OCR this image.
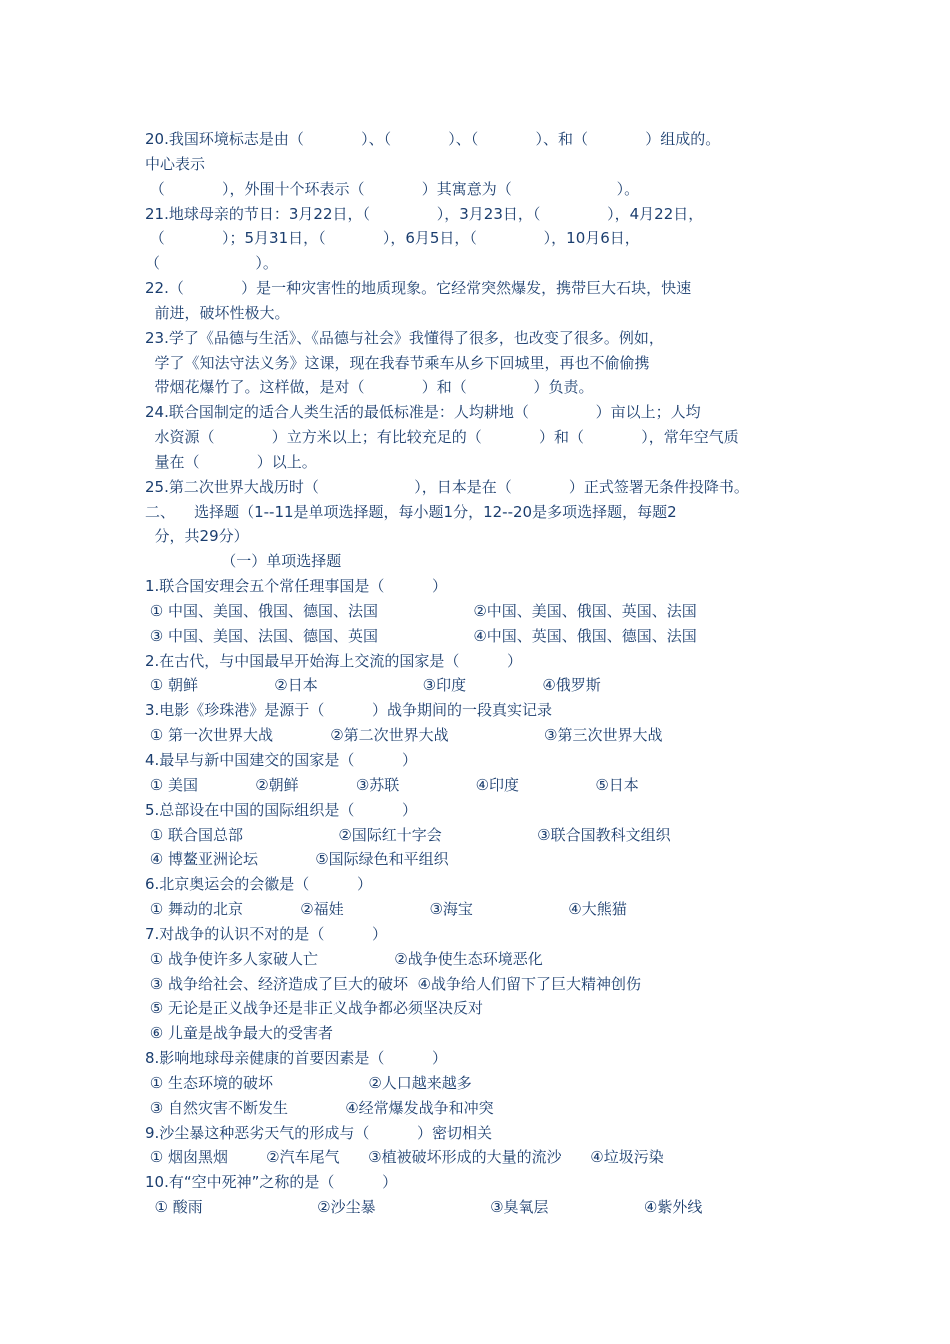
20.我国环境标志是由（            ）、（            ）、（            ）、和（            ）组成的。
中心表示
（            ），外围十个环表示（            ）其寓意为（                      ）。
21.地球母亲的节日：3月22日，（              ），3月23日，（              ），4月22日，
（            ）；5月31日，（            ），6月5日，（              ），10月6日，
（                    ）。
22.（            ）是一种灾害性的地质现象。它经常突然爆发，携带巨大石块，快速
前进，破坏性极大。
23.学了《品德与生活》、《品德与社会》我懂得了很多，也改变了很多。例如，
学了《知法守法义务》这课，现在我春节乘车从乡下回城里，再也不偷偷携
带烟花爆竹了。这样做，是对（            ）和（              ）负责。
24.联合国制定的适合人类生活的最低标准是：人均耕地（              ）亩以上；人均
水资源（            ）立方米以上；有比较充足的（            ）和（            ），常年空气质
量在（            ）以上。
25.第二次世界大战历时（                    ），日本是在（            ）正式签署无条件投降书。
二、    选择题（1--11是单项选择题，每小题1分，12--20是多项选择题，每题2
分，共29分）
（一）单项选择题
1.联合国安理会五个常任理事国是（          ）
① 中国、美国、俄国、德国、法国                    ②中国、美国、俄国、英国、法国
③ 中国、美国、法国、德国、英国                    ④中国、英国、俄国、德国、法国
2.在古代，与中国最早开始海上交流的国家是（          ）
① 朝鲜                ②日本                      ③印度                ④俄罗斯
3.电影《珍珠港》是源于（          ）战争期间的一段真实记录
① 第一次世界大战            ②第二次世界大战                    ③第三次世界大战
4.最早与新中国建交的国家是（          ）
① 美国            ②朝鲜            ③苏联                ④印度                ⑤日本
5.总部设在中国的国际组织是（          ）
① 联合国总部                    ②国际红十字会                    ③联合国教科文组织
④ 博鳌亚洲论坛            ⑤国际绿色和平组织
6.北京奥运会的会徽是（          ）
① 舞动的北京            ②福娃                  ③海宝                    ④大熊猫
7.对战争的认识不对的是（          ）
① 战争使许多人家破人亡                ②战争使生态环境恶化
③ 战争给社会、经济造成了巨大的破坏  ④战争给人们留下了巨大精神创伤
⑤ 无论是正义战争还是非正义战争都必须坚决反对
⑥ 儿童是战争最大的受害者
8.影响地球母亲健康的首要因素是（          ）
① 生态环境的破坏                    ②人口越来越多
③ 自然灾害不断发生            ④经常爆发战争和冲突
9.沙尘暴这种恶劣天气的形成与（          ）密切相关
① 烟囱黑烟        ②汽车尾气      ③植被破坏形成的大量的流沙      ④垃圾污染
10.有“空中死神”之称的是（          ）
① 酸雨                        ②沙尘暴                        ③臭氧层                    ④紫外线
